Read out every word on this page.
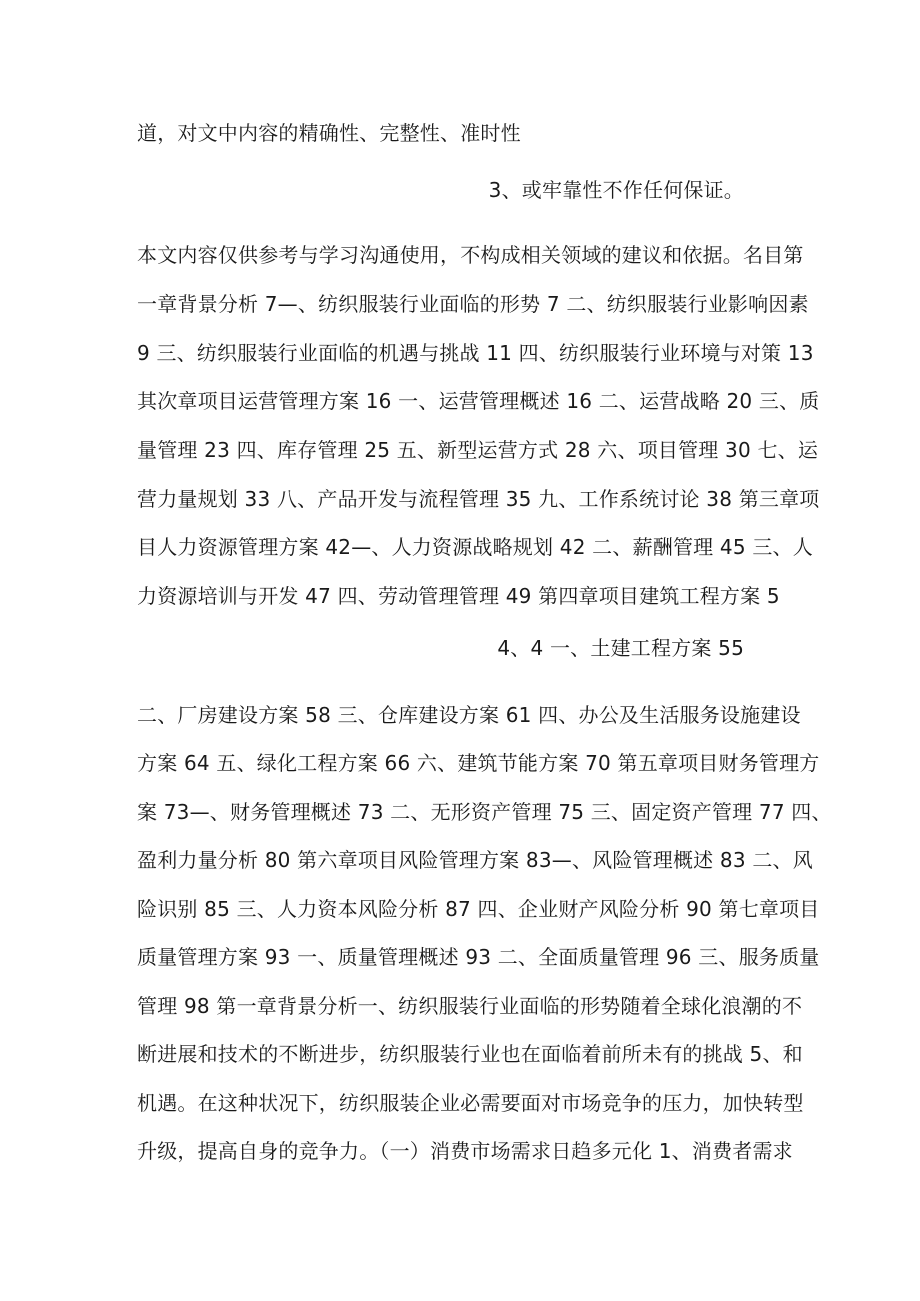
道，对文中内容的精确性、完整性、准时性
3、或牢靠性不作任何保证。
本文内容仅供参考与学习沟通使用，不构成相关领域的建议和依据。名目第
一章背景分析 7—、纺织服装行业面临的形势 7 二、纺织服装行业影响因素
9 三、纺织服装行业面临的机遇与挑战 11 四、纺织服装行业环境与对策 13
其次章项目运营管理方案 16 一、运营管理概述 16 二、运营战略 20 三、质
量管理 23 四、库存管理 25 五、新型运营方式 28 六、项目管理 30 七、运
营力量规划 33 八、产品开发与流程管理 35 九、工作系统讨论 38 第三章项
目人力资源管理方案 42—、人力资源战略规划 42 二、薪酬管理 45 三、人
力资源培训与开发 47 四、劳动管理管理 49 第四章项目建筑工程方案 5
4、4 一、土建工程方案 55
二、厂房建设方案 58 三、仓库建设方案 61 四、办公及生活服务设施建设
方案 64 五、绿化工程方案 66 六、建筑节能方案 70 第五章项目财务管理方
案 73—、财务管理概述 73 二、无形资产管理 75 三、固定资产管理 77 四、
盈利力量分析 80 第六章项目风险管理方案 83—、风险管理概述 83 二、风
险识别 85 三、人力资本风险分析 87 四、企业财产风险分析 90 第七章项目
质量管理方案 93 一、质量管理概述 93 二、全面质量管理 96 三、服务质量
管理 98 第一章背景分析一、纺织服装行业面临的形势随着全球化浪潮的不
断进展和技术的不断进步，纺织服装行业也在面临着前所未有的挑战 5、和
机遇。在这种状况下，纺织服装企业必需要面对市场竞争的压力，加快转型
升级，提高自身的竞争力。（一）消费市场需求日趋多元化 1、消费者需求
